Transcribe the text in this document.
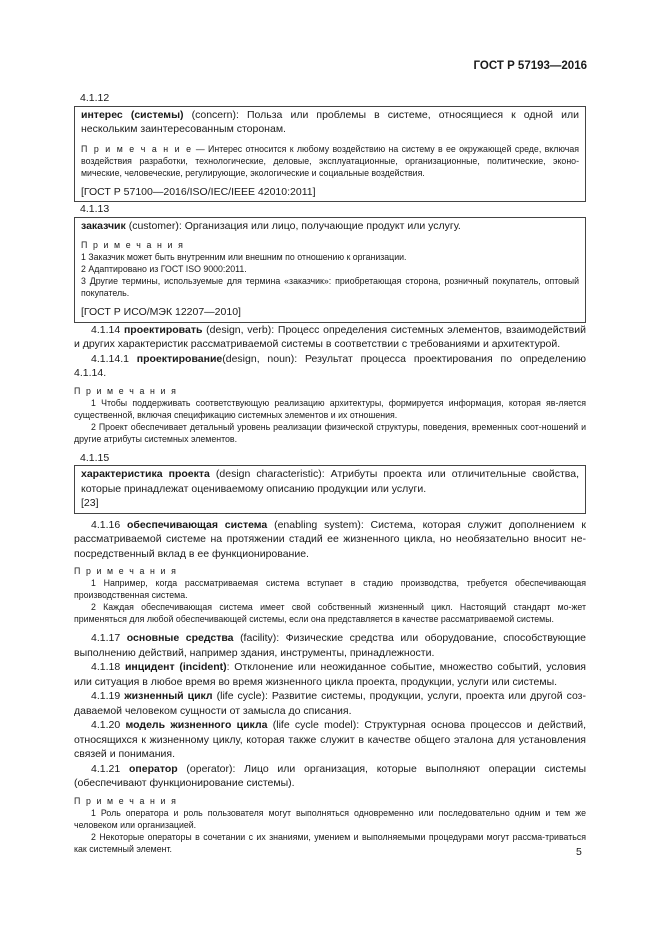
ГОСТ Р 57193—2016
4.1.12
интерес (системы) (concern): Польза или проблемы в системе, относящиеся к одной или нескольким заинтересованным сторонам.
П р и м е ч а н и е — Интерес относится к любому воздействию на систему в ее окружающей среде, включая воздействия разработки, технологические, деловые, эксплуатационные, организационные, политические, эконо-мические, человеческие, регулирующие, экологические и социальные воздействия.
[ГОСТ Р 57100—2016/ISO/IEC/IEEE 42010:2011]
4.1.13
заказчик (customer): Организация или лицо, получающие продукт или услугу.
П р и м е ч а н и я
1 Заказчик может быть внутренним или внешним по отношению к организации.
2 Адаптировано из ГОСТ ISO 9000:2011.
3 Другие термины, используемые для термина «заказчик»: приобретающая сторона, розничный покупатель, оптовый покупатель.
[ГОСТ Р ИСО/МЭК 12207—2010]
4.1.14 проектировать (design, verb): Процесс определения системных элементов, взаимодействий и других характеристик рассматриваемой системы в соответствии с требованиями и архитектурой.
4.1.14.1 проектирование(design, noun): Результат процесса проектирования по определению 4.1.14.
П р и м е ч а н и я
1 Чтобы поддерживать соответствующую реализацию архитектуры, формируется информация, которая яв-ляется существенной, включая спецификацию системных элементов и их отношения.
2 Проект обеспечивает детальный уровень реализации физической структуры, поведения, временных соот-ношений и другие атрибуты системных элементов.
4.1.15
характеристика проекта (design characteristic): Атрибуты проекта или отличительные свойства, которые принадлежат оцениваемому описанию продукции или услуги.
[23]
4.1.16 обеспечивающая система (enabling system): Система, которая служит дополнением к рассматриваемой системе на протяжении стадий ее жизненного цикла, но необязательно вносит не-посредственный вклад в ее функционирование.
П р и м е ч а н и я
1 Например, когда рассматриваемая система вступает в стадию производства, требуется обеспечивающая производственная система.
2 Каждая обеспечивающая система имеет свой собственный жизненный цикл. Настоящий стандарт мо-жет применяться для любой обеспечивающей системы, если она представляется в качестве рассматриваемой системы.
4.1.17 основные средства (facility): Физические средства или оборудование, способствующие выполнению действий, например здания, инструменты, принадлежности.
4.1.18 инцидент (incident): Отклонение или неожиданное событие, множество событий, условия или ситуация в любое время во время жизненного цикла проекта, продукции, услуги или системы.
4.1.19 жизненный цикл (life cycle): Развитие системы, продукции, услуги, проекта или другой соз-даваемой человеком сущности от замысла до списания.
4.1.20 модель жизненного цикла (life cycle model): Структурная основа процессов и действий, относящихся к жизненному циклу, которая также служит в качестве общего эталона для установления связей и понимания.
4.1.21 оператор (operator): Лицо или организация, которые выполняют операции системы (обеспечивают функционирование системы).
П р и м е ч а н и я
1 Роль оператора и роль пользователя могут выполняться одновременно или последовательно одним и тем же человеком или организацией.
2 Некоторые операторы в сочетании с их знаниями, умением и выполняемыми процедурами могут рассма-триваться как системный элемент.	5
